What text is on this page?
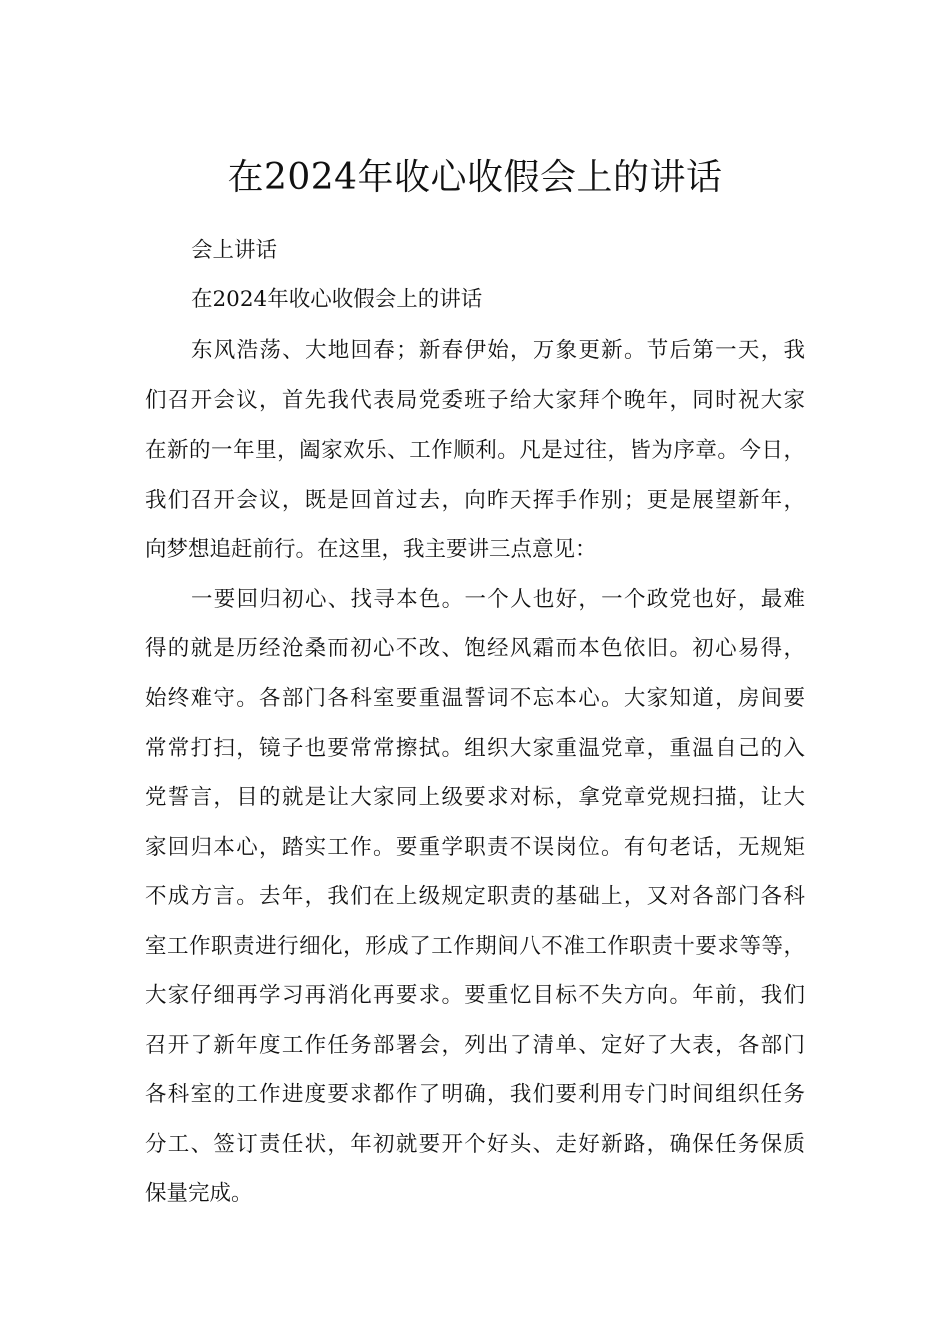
在2024年收心收假会上的讲话
会上讲话
在2024年收心收假会上的讲话
东风浩荡、大地回春；新春伊始，万象更新。节后第一天，我
们召开会议，首先我代表局党委班子给大家拜个晚年，同时祝大家
在新的一年里，阖家欢乐、工作顺利。凡是过往，皆为序章。今日，
我们召开会议，既是回首过去，向昨天挥手作别；更是展望新年，
向梦想追赶前行。在这里，我主要讲三点意见：
一要回归初心、找寻本色。一个人也好，一个政党也好，最难
得的就是历经沧桑而初心不改、饱经风霜而本色依旧。初心易得，
始终难守。各部门各科室要重温誓词不忘本心。大家知道，房间要
常常打扫，镜子也要常常擦拭。组织大家重温党章，重温自己的入
党誓言，目的就是让大家同上级要求对标，拿党章党规扫描，让大
家回归本心，踏实工作。要重学职责不误岗位。有句老话，无规矩
不成方言。去年，我们在上级规定职责的基础上，又对各部门各科
室工作职责进行细化，形成了工作期间八不准工作职责十要求等等，
大家仔细再学习再消化再要求。要重忆目标不失方向。年前，我们
召开了新年度工作任务部署会，列出了清单、定好了大表，各部门
各科室的工作进度要求都作了明确，我们要利用专门时间组织任务
分工、签订责任状，年初就要开个好头、走好新路，确保任务保质
保量完成。
